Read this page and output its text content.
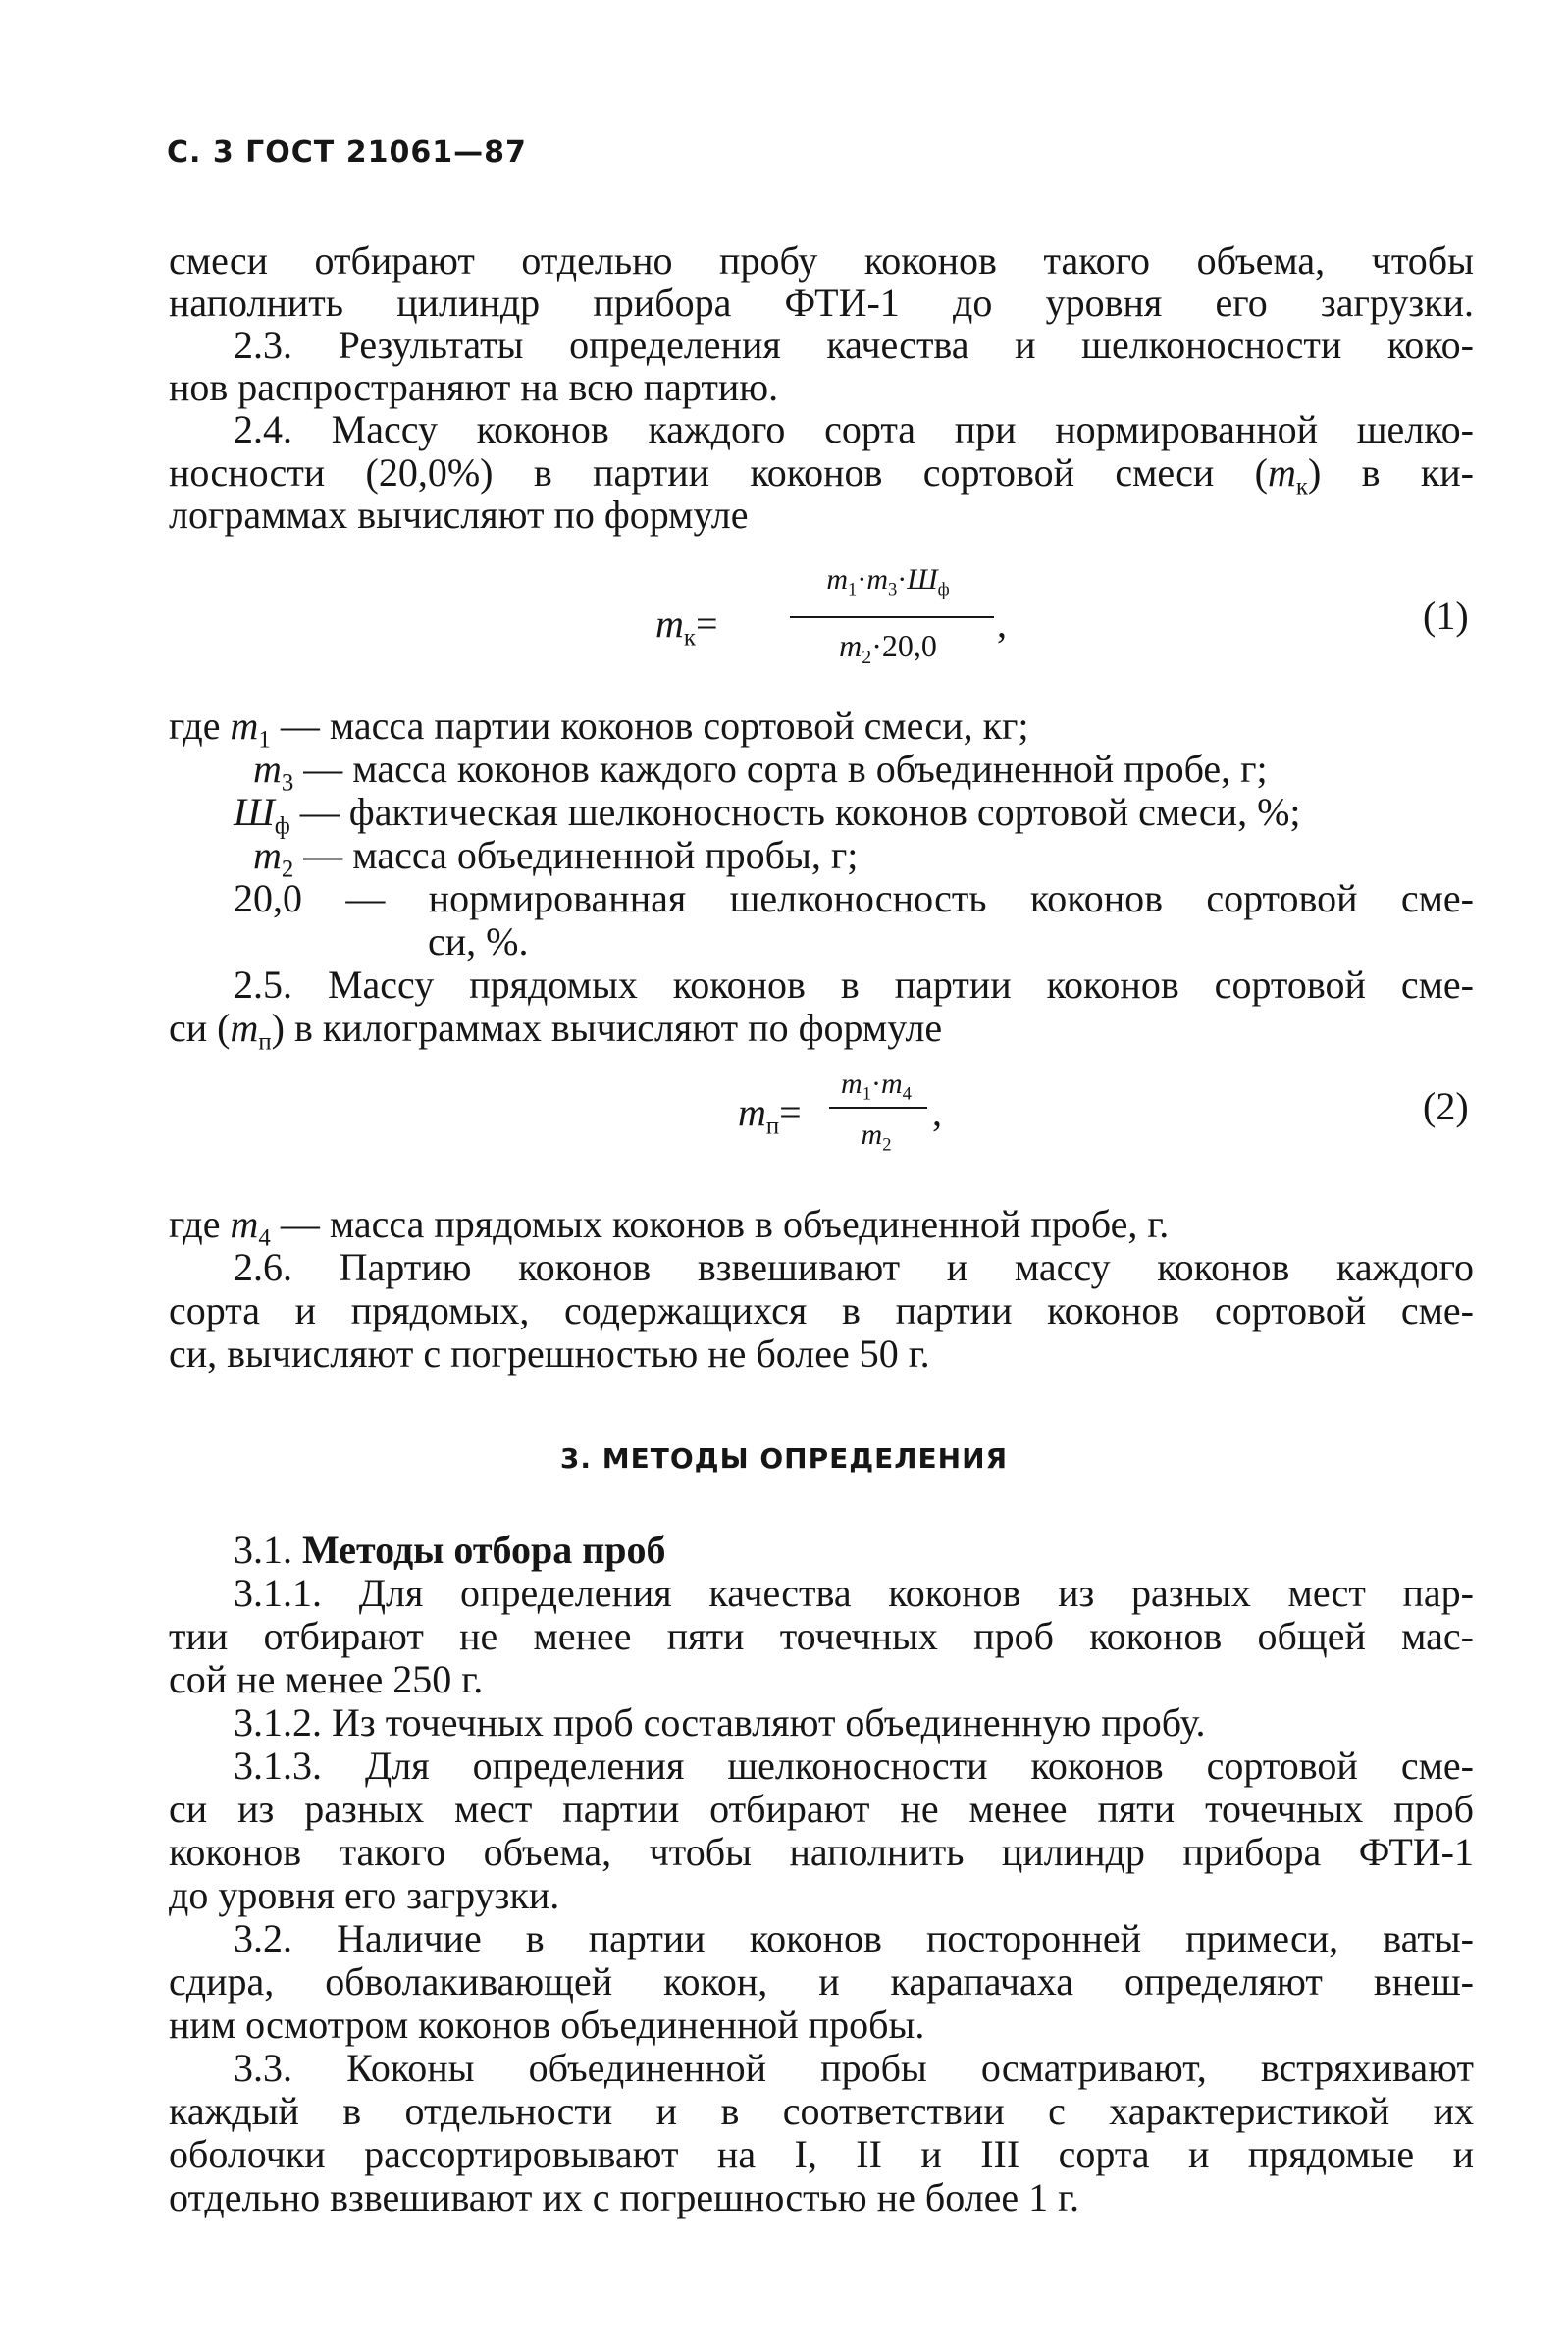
С. 3 ГОСТ 21061—87
смеси отбирают отдельно пробу коконов такого объема, чтобы
наполнить цилиндр прибора ФТИ-1 до уровня его загрузки.
2.3. Результаты определения качества и шелконосности коко-
нов распространяют на всю партию.
2.4. Массу коконов каждого сорта при нормированной шелко-
носности (20,0%) в партии коконов сортовой смеси $(m_к)$ в ки-
лограммах вычисляют по формуле
$m_к=$
$m_1\cdot m_3\cdot Ш_ф$
$m_2\cdot 20,0$	,	(1)
где $m_1$ — масса партии коконов сортовой смеси, кг;
$m_3$ — масса коконов каждого сорта в объединенной пробе, г;
$Ш_ф$ — фактическая шелконосность коконов сортовой смеси, %;
$m_2$ — масса объединенной пробы, г;
20,0 — нормированная шелконосность коконов сортовой сме-
си, %.
2.5. Массу прядомых коконов в партии коконов сортовой сме-
си $(m_п)$ в килограммах вычисляют по формуле
$m_п=$
$m_1\cdot m_4$
$m_2$
,	(2)
где $m_4$ — масса прядомых коконов в объединенной пробе, г.
2.6. Партию коконов взвешивают и массу коконов каждого
сорта и прядомых, содержащихся в партии коконов сортовой сме-
си, вычисляют с погрешностью не более 50 г.
3. МЕТОДЫ ОПРЕДЕЛЕНИЯ
3.1. Методы отбора проб
3.1.1. Для определения качества коконов из разных мест пар-
тии отбирают не менее пяти точечных проб коконов общей мас-
сой не менее 250 г.
3.1.2. Из точечных проб составляют объединенную пробу.
3.1.3. Для определения шелконосности коконов сортовой сме-
си из разных мест партии отбирают не менее пяти точечных проб
коконов такого объема, чтобы наполнить цилиндр прибора ФТИ-1
до уровня его загрузки.
3.2. Наличие в партии коконов посторонней примеси, ваты-
сдира, обволакивающей кокон, и карапачаха определяют внеш-
ним осмотром коконов объединенной пробы.
3.3. Коконы объединенной пробы осматривают, встряхивают
каждый в отдельности и в соответствии с характеристикой их
оболочки рассортировывают на I, II и III сорта и прядомые и
отдельно взвешивают их с погрешностью не более 1 г.
